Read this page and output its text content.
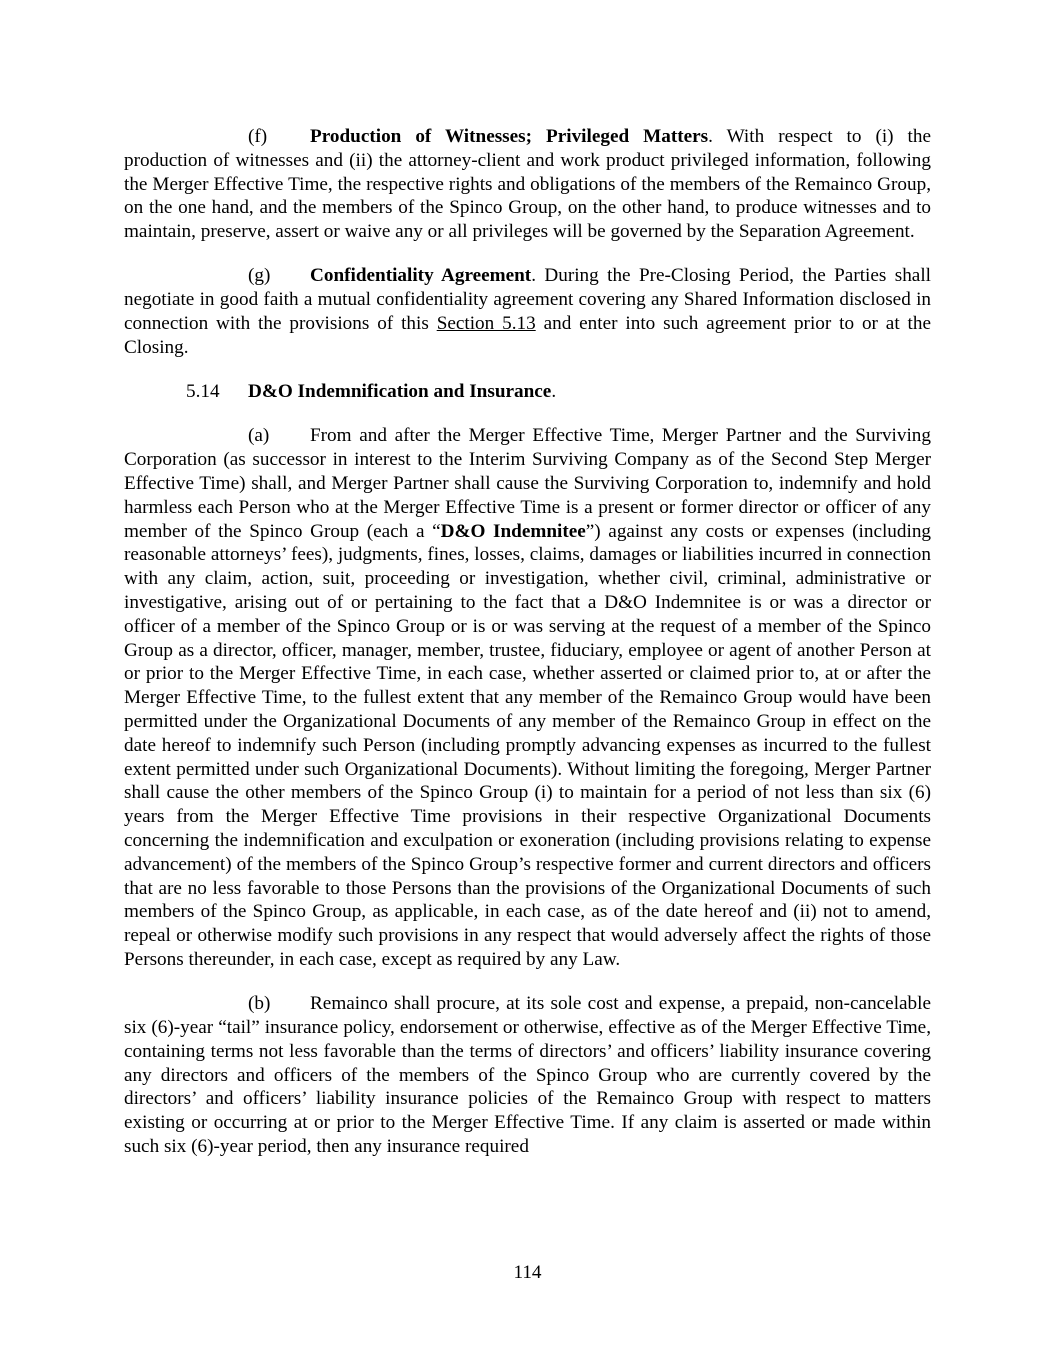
(f) Production of Witnesses; Privileged Matters. With respect to (i) the production of witnesses and (ii) the attorney-client and work product privileged information, following the Merger Effective Time, the respective rights and obligations of the members of the Remainco Group, on the one hand, and the members of the Spinco Group, on the other hand, to produce witnesses and to maintain, preserve, assert or waive any or all privileges will be governed by the Separation Agreement.

(g) Confidentiality Agreement. During the Pre-Closing Period, the Parties shall negotiate in good faith a mutual confidentiality agreement covering any Shared Information disclosed in connection with the provisions of this Section 5.13 and enter into such agreement prior to or at the Closing.

5.14 D&O Indemnification and Insurance.

(a) From and after the Merger Effective Time, Merger Partner and the Surviving Corporation (as successor in interest to the Interim Surviving Company as of the Second Step Merger Effective Time) shall, and Merger Partner shall cause the Surviving Corporation to, indemnify and hold harmless each Person who at the Merger Effective Time is a present or former director or officer of any member of the Spinco Group (each a “D&O Indemnitee”) against any costs or expenses (including reasonable attorneys’ fees), judgments, fines, losses, claims, damages or liabilities incurred in connection with any claim, action, suit, proceeding or investigation, whether civil, criminal, administrative or investigative, arising out of or pertaining to the fact that a D&O Indemnitee is or was a director or officer of a member of the Spinco Group or is or was serving at the request of a member of the Spinco Group as a director, officer, manager, member, trustee, fiduciary, employee or agent of another Person at or prior to the Merger Effective Time, in each case, whether asserted or claimed prior to, at or after the Merger Effective Time, to the fullest extent that any member of the Remainco Group would have been permitted under the Organizational Documents of any member of the Remainco Group in effect on the date hereof to indemnify such Person (including promptly advancing expenses as incurred to the fullest extent permitted under such Organizational Documents). Without limiting the foregoing, Merger Partner shall cause the other members of the Spinco Group (i) to maintain for a period of not less than six (6) years from the Merger Effective Time provisions in their respective Organizational Documents concerning the indemnification and exculpation or exoneration (including provisions relating to expense advancement) of the members of the Spinco Group’s respective former and current directors and officers that are no less favorable to those Persons than the provisions of the Organizational Documents of such members of the Spinco Group, as applicable, in each case, as of the date hereof and (ii) not to amend, repeal or otherwise modify such provisions in any respect that would adversely affect the rights of those Persons thereunder, in each case, except as required by any Law.

(b) Remainco shall procure, at its sole cost and expense, a prepaid, non-cancelable six (6)-year “tail” insurance policy, endorsement or otherwise, effective as of the Merger Effective Time, containing terms not less favorable than the terms of directors’ and officers’ liability insurance covering any directors and officers of the members of the Spinco Group who are currently covered by the directors’ and officers’ liability insurance policies of the Remainco Group with respect to matters existing or occurring at or prior to the Merger Effective Time. If any claim is asserted or made within such six (6)-year period, then any insurance required

114
